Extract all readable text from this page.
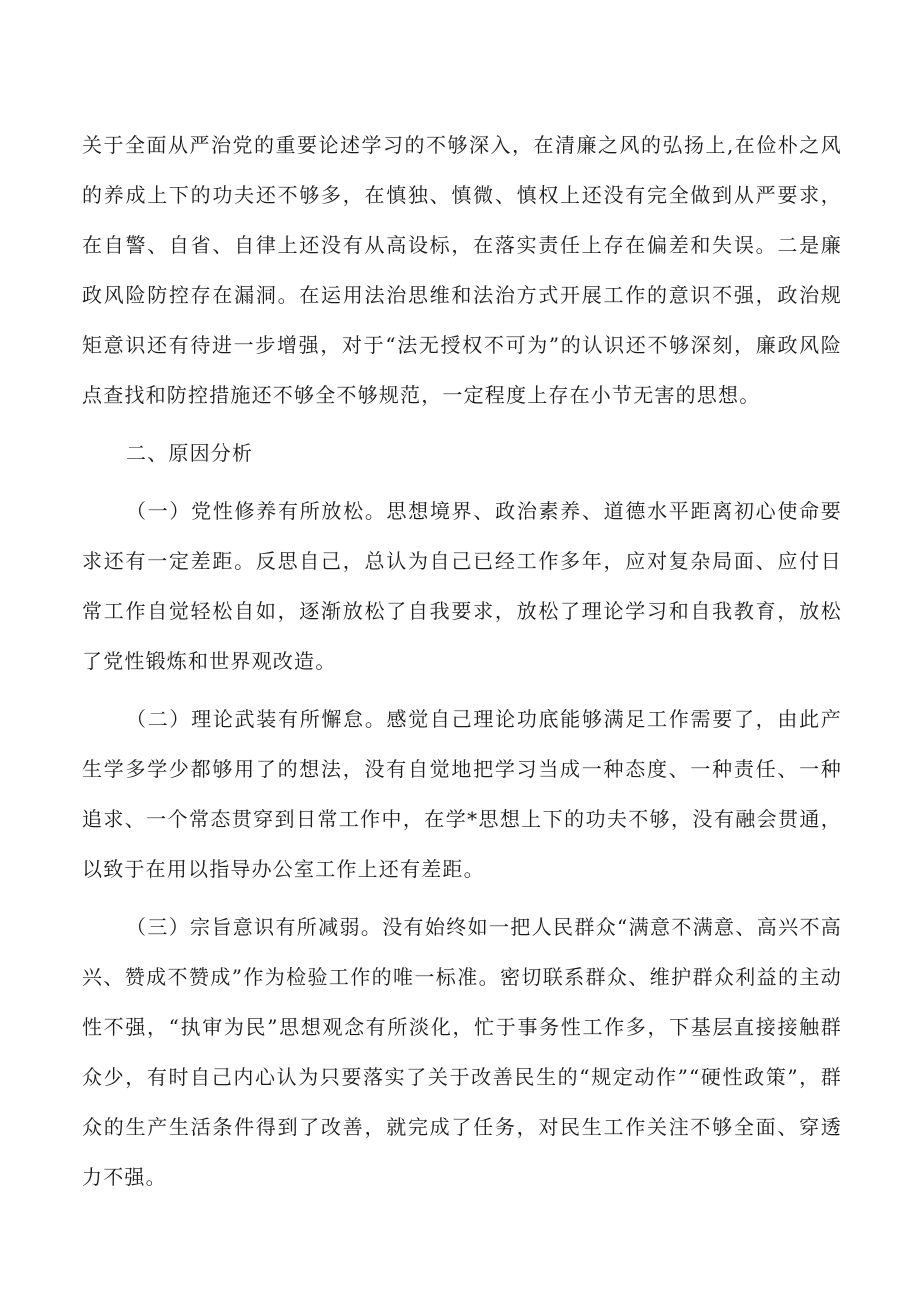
关于全面从严治党的重要论述学习的不够深入，在清廉之风的弘扬上,在俭朴之风的养成上下的功夫还不够多，在慎独、慎微、慎权上还没有完全做到从严要求，在自警、自省、自律上还没有从高设标，在落实责任上存在偏差和失误。二是廉政风险防控存在漏洞。在运用法治思维和法治方式开展工作的意识不强，政治规矩意识还有待进一步增强，对于“法无授权不可为”的认识还不够深刻，廉政风险点查找和防控措施还不够全不够规范，一定程度上存在小节无害的思想。

二、原因分析

（一）党性修养有所放松。思想境界、政治素养、道德水平距离初心使命要求还有一定差距。反思自己，总认为自己已经工作多年，应对复杂局面、应付日常工作自觉轻松自如，逐渐放松了自我要求，放松了理论学习和自我教育，放松了党性锻炼和世界观改造。

（二）理论武装有所懈怠。感觉自己理论功底能够满足工作需要了，由此产生学多学少都够用了的想法，没有自觉地把学习当成一种态度、一种责任、一种追求、一个常态贯穿到日常工作中，在学*思想上下的功夫不够，没有融会贯通，以致于在用以指导办公室工作上还有差距。

（三）宗旨意识有所减弱。没有始终如一把人民群众“满意不满意、高兴不高兴、赞成不赞成”作为检验工作的唯一标准。密切联系群众、维护群众利益的主动性不强，“执审为民”思想观念有所淡化，忙于事务性工作多，下基层直接接触群众少，有时自己内心认为只要落实了关于改善民生的“规定动作”“硬性政策”，群众的生产生活条件得到了改善，就完成了任务，对民生工作关注不够全面、穿透力不强。
